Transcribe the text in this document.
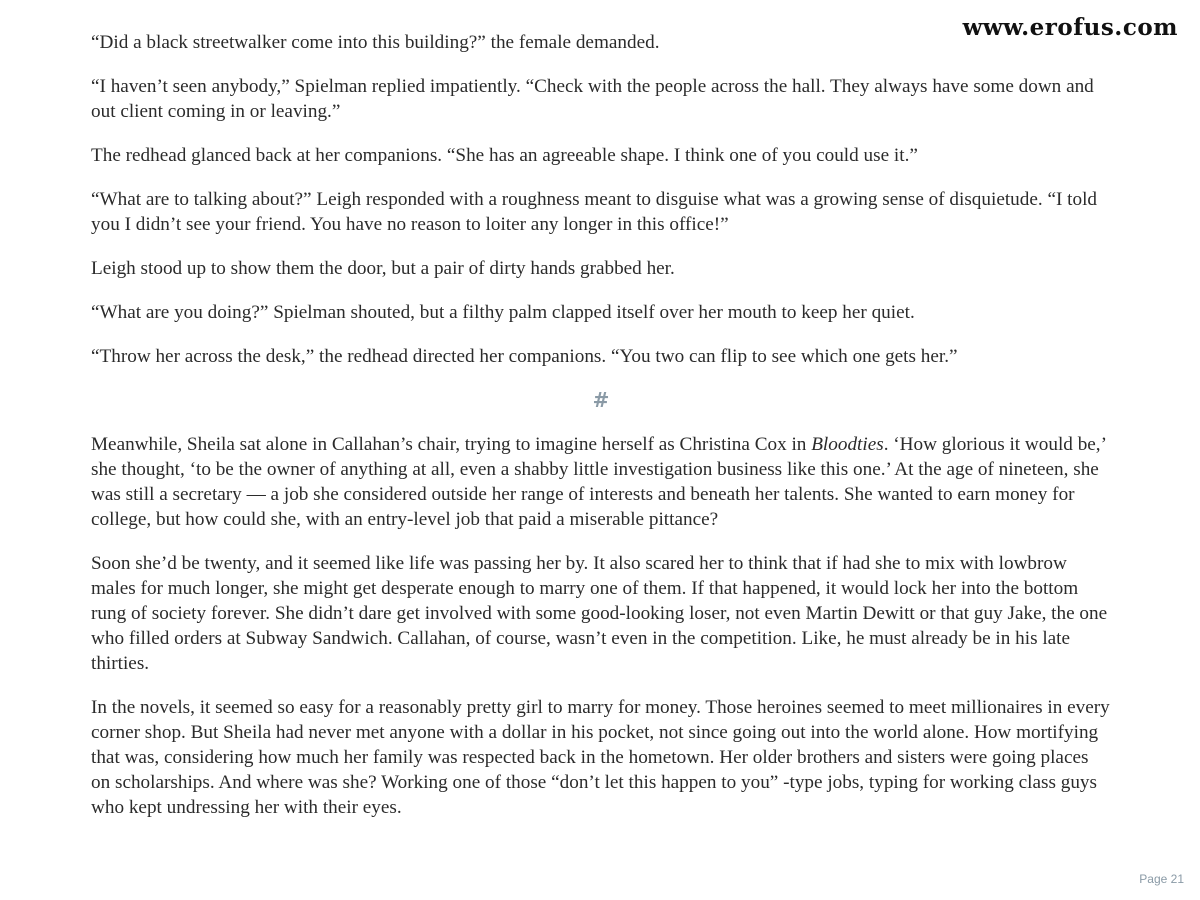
www.erofus.com

“Did a black streetwalker come into this building?” the female demanded.

“I haven’t seen anybody,” Spielman replied impatiently. “Check with the people across the hall. They always have some down and out client coming in or leaving.”

The redhead glanced back at her companions. “She has an agreeable shape. I think one of you could use it.”

“What are to talking about?” Leigh responded with a roughness meant to disguise what was a growing sense of disquietude. “I told you I didn’t see your friend. You have no reason to loiter any longer in this office!”

Leigh stood up to show them the door, but a pair of dirty hands grabbed her.

“What are you doing?” Spielman shouted, but a filthy palm clapped itself over her mouth to keep her quiet.

“Throw her across the desk,” the redhead directed her companions. “You two can flip to see which one gets her.”

#

Meanwhile, Sheila sat alone in Callahan’s chair, trying to imagine herself as Christina Cox in Bloodties. ‘How glorious it would be,’ she thought, ‘to be the owner of anything at all, even a shabby little investigation business like this one.’ At the age of nineteen, she was still a secretary — a job she considered outside her range of interests and beneath her talents. She wanted to earn money for college, but how could she, with an entry-level job that paid a miserable pittance?

Soon she’d be twenty, and it seemed like life was passing her by. It also scared her to think that if had she to mix with lowbrow males for much longer, she might get desperate enough to marry one of them. If that happened, it would lock her into the bottom rung of society forever. She didn’t dare get involved with some good-looking loser, not even Martin Dewitt or that guy Jake, the one who filled orders at Subway Sandwich. Callahan, of course, wasn’t even in the competition. Like, he must already be in his late thirties.

In the novels, it seemed so easy for a reasonably pretty girl to marry for money. Those heroines seemed to meet millionaires in every corner shop. But Sheila had never met anyone with a dollar in his pocket, not since going out into the world alone. How mortifying that was, considering how much her family was respected back in the hometown. Her older brothers and sisters were going places on scholarships. And where was she? Working one of those “don’t let this happen to you” -type jobs, typing for working class guys who kept undressing her with their eyes.

Page 21
